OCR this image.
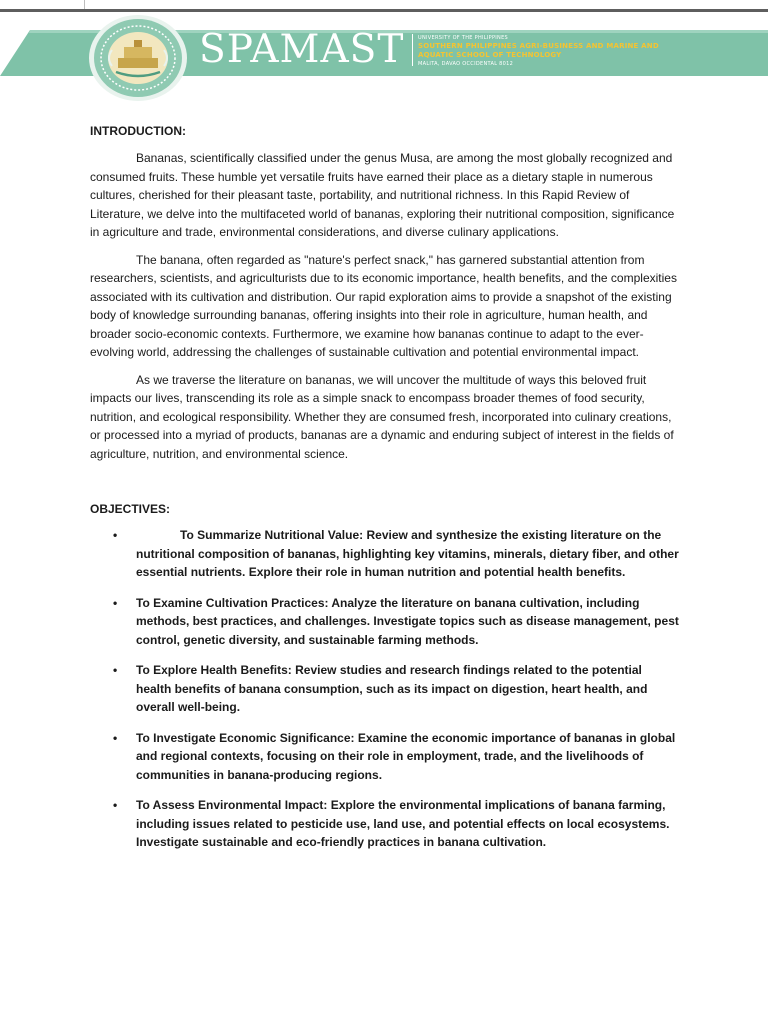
SPAMAST	UNIVERSITY OF THE PHILIPPINES
SOUTHERN PHILIPPINES AGRI-BUSINESS AND MARINE AND AQUATIC SCHOOL OF TECHNOLOGY
MALITA, DAVAO OCCIDENTAL 8012
INTRODUCTION:

Bananas, scientifically classified under the genus Musa, are among the most globally recognized and consumed fruits. These humble yet versatile fruits have earned their place as a dietary staple in numerous cultures, cherished for their pleasant taste, portability, and nutritional richness. In this Rapid Review of Literature, we delve into the multifaceted world of bananas, exploring their nutritional composition, significance in agriculture and trade, environmental considerations, and diverse culinary applications.

The banana, often regarded as "nature's perfect snack," has garnered substantial attention from researchers, scientists, and agriculturists due to its economic importance, health benefits, and the complexities associated with its cultivation and distribution. Our rapid exploration aims to provide a snapshot of the existing body of knowledge surrounding bananas, offering insights into their role in agriculture, human health, and broader socio-economic contexts. Furthermore, we examine how bananas continue to adapt to the ever-evolving world, addressing the challenges of sustainable cultivation and potential environmental impact.

As we traverse the literature on bananas, we will uncover the multitude of ways this beloved fruit impacts our lives, transcending its role as a simple snack to encompass broader themes of food security, nutrition, and ecological responsibility. Whether they are consumed fresh, incorporated into culinary creations, or processed into a myriad of products, bananas are a dynamic and enduring subject of interest in the fields of agriculture, nutrition, and environmental science.

OBJECTIVES:
•	To Summarize Nutritional Value: Review and synthesize the existing literature on the nutritional composition of bananas, highlighting key vitamins, minerals, dietary fiber, and other essential nutrients. Explore their role in human nutrition and potential health benefits.
• To Examine Cultivation Practices: Analyze the literature on banana cultivation, including methods, best practices, and challenges. Investigate topics such as disease management, pest control, genetic diversity, and sustainable farming methods.
• To Explore Health Benefits: Review studies and research findings related to the potential health benefits of banana consumption, such as its impact on digestion, heart health, and overall well-being.
• To Investigate Economic Significance: Examine the economic importance of bananas in global and regional contexts, focusing on their role in employment, trade, and the livelihoods of communities in banana-producing regions.
• To Assess Environmental Impact: Explore the environmental implications of banana farming, including issues related to pesticide use, land use, and potential effects on local ecosystems. Investigate sustainable and eco-friendly practices in banana cultivation.
